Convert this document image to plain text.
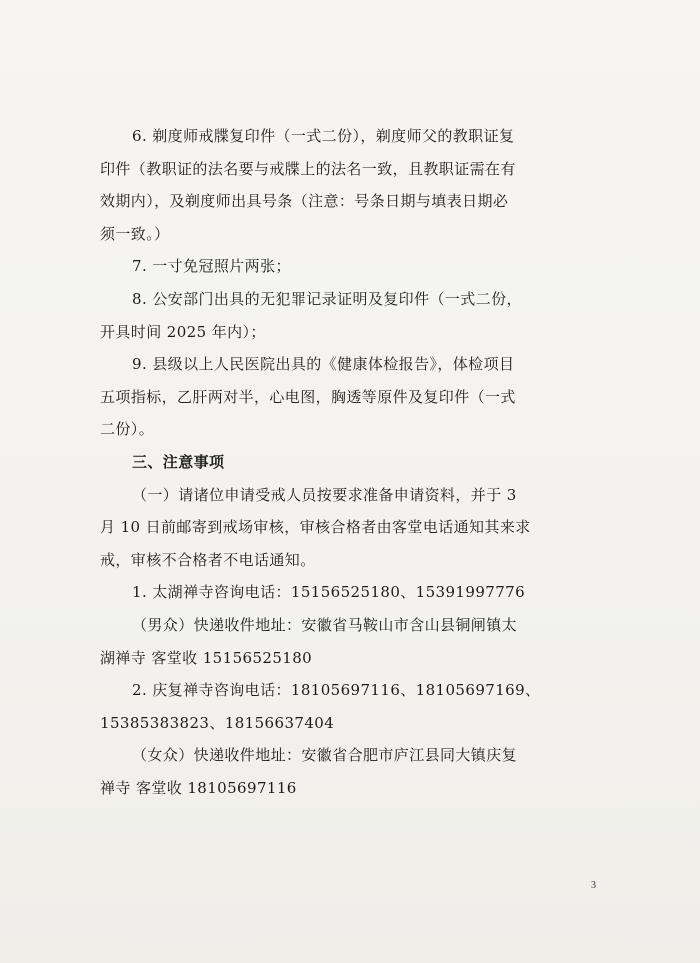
6. 剃度师戒牒复印件（一式二份），剃度师父的教职证复
印件（教职证的法名要与戒牒上的法名一致，且教职证需在有
效期内），及剃度师出具号条（注意：号条日期与填表日期必
须一致。）
7. 一寸免冠照片两张；
8. 公安部门出具的无犯罪记录证明及复印件（一式二份，
开具时间 2025 年内）；
9. 县级以上人民医院出具的《健康体检报告》，体检项目
五项指标，乙肝两对半，心电图，胸透等原件及复印件（一式
二份）。
三、注意事项
（一）请诸位申请受戒人员按要求准备申请资料，并于 3
月 10 日前邮寄到戒场审核，审核合格者由客堂电话通知其来求
戒，审核不合格者不电话通知。
1. 太湖禅寺咨询电话：15156525180、15391997776
（男众）快递收件地址：安徽省马鞍山市含山县铜闸镇太
湖禅寺 客堂收 15156525180
2. 庆复禅寺咨询电话：18105697116、18105697169、
15385383823、18156637404
（女众）快递收件地址：安徽省合肥市庐江县同大镇庆复
禅寺 客堂收 18105697116
3
